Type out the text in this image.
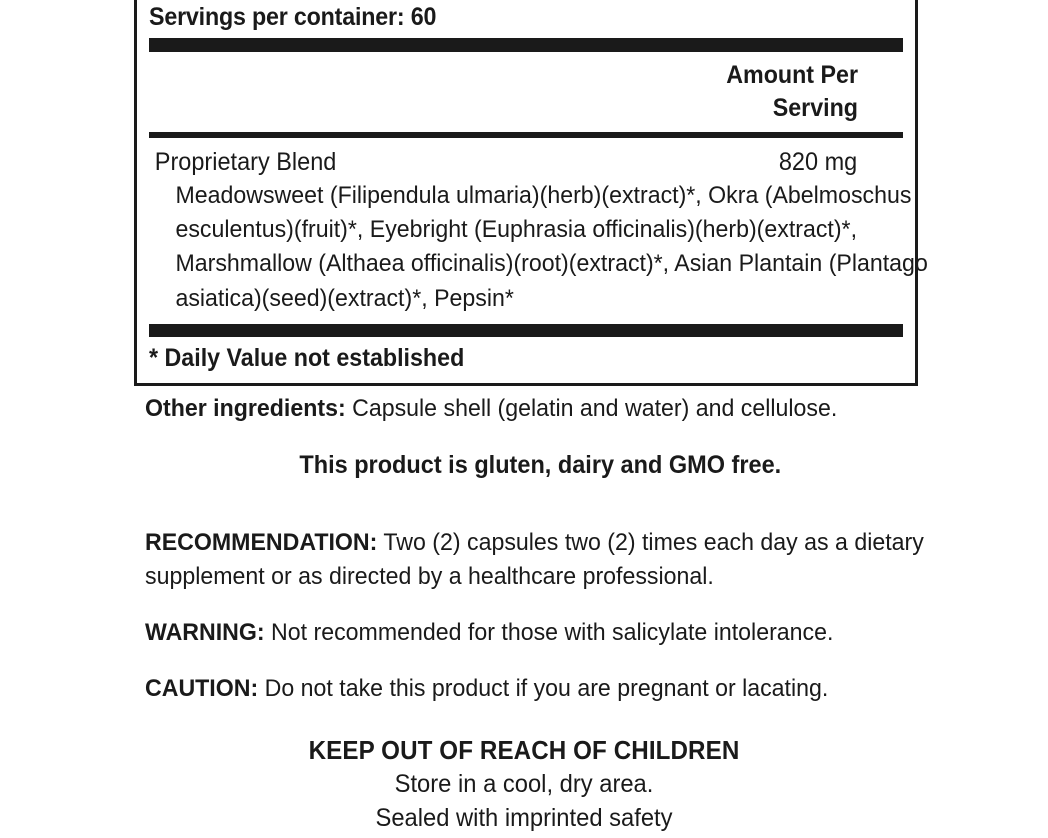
Servings per container: 60
Amount Per
Serving
Proprietary Blend	820 mg
Meadowsweet (Filipendula ulmaria)(herb)(extract)*, Okra (Abelmoschus esculentus)(fruit)*, Eyebright (Euphrasia officinalis)(herb)(extract)*, Marshmallow (Althaea officinalis)(root)(extract)*, Asian Plantain (Plantago asiatica)(seed)(extract)*, Pepsin*
* Daily Value not established

Other ingredients: Capsule shell (gelatin and water) and cellulose.

This product is gluten, dairy and GMO free.

RECOMMENDATION: Two (2) capsules two (2) times each day as a dietary supplement or as directed by a healthcare professional.

WARNING: Not recommended for those with salicylate intolerance.

CAUTION: Do not take this product if you are pregnant or lacating.

KEEP OUT OF REACH OF CHILDREN

Store in a cool, dry area.

Sealed with imprinted safety
